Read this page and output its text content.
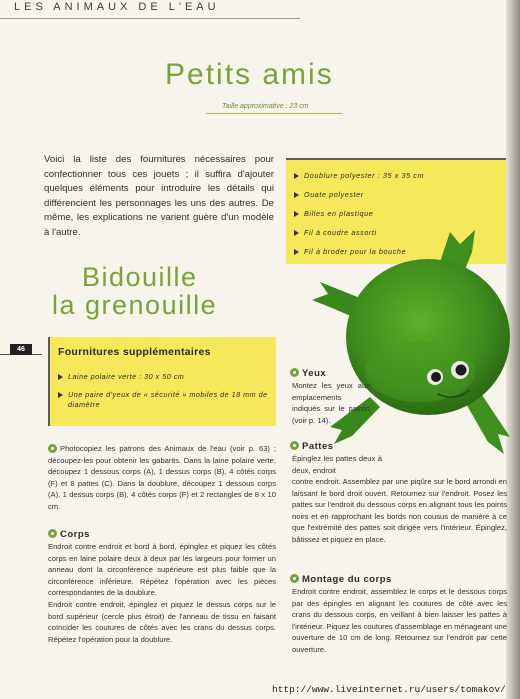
LES ANIMAUX DE L'EAU
Petits amis
Taille approximative : 23 cm
Voici la liste des fournitures nécessaires pour confectionner tous ces jouets ; il suffira d'ajouter quelques éléments pour introduire les détails qui différencient les personnages les uns des autres. De même, les explications ne varient guère d'un modèle à l'autre.
Doublure polyester : 35 x 35 cm
Ouate polyester
Billes en plastique
Fil à coudre assorti
Fil à broder pour la bouche
Bidouille
la grenouille
46	Fournitures supplémentaires
Laine polaire verte : 30 x 50 cm
Une paire d'yeux de « sécurité » mobiles de 18 mm de diamètre
Yeux
Montez les yeux aux emplacements indiqués sur le patron (voir p. 14).
Pattes
Épinglez les pattes deux à deux, endroit
contre endroit. Assemblez par une piqûre sur le bord arrondi en laissant le bord droit ouvert. Retournez sur l'endroit. Posez les pattes sur l'endroit du dessous corps en alignant tous les points noirs et en rapprochant les bords non cousus de manière à ce que l'extrémité des pattes soit dirigée vers l'intérieur. Épinglez, bâtissez et piquez en place.
Montage du corps
Endroit contre endroit, assemblez le corps et le dessous corps par des épingles en alignant les coutures de côté avec les crans du dessous corps, en veillant à bien laisser les pattes à l'intérieur. Piquez les coutures d'assemblage en ménageant une ouverture de 10 cm de long. Retournez sur l'endroit par cette ouverture.
Photocopiez les patrons des Animaux de l'eau (voir p. 63) ; découpez-les pour obtenir les gabarits. Dans la laine polaire verte, découpez 1 dessous corps (A), 1 dessus corps (B), 4 côtés corps (F) et 8 pattes (C). Dans la doublure, découpez 1 dessous corps (A), 1 dessus corps (B), 4 côtés corps (F) et 2 rectangles de 8 x 10 cm.
Corps
Endroit contre endroit et bord à bord, épinglez et piquez les côtés corps en laine polaire deux à deux par les largeurs pour former un anneau dont la circonférence supérieure est plus faible que la circonférence inférieure. Répétez l'opération avec les pièces correspondantes de la doublure.
Endroit contre endroit, épinglez et piquez le dessus corps sur le bord supérieur (cercle plus étroit) de l'anneau de tissu en faisant coïncider les coutures de côtés avec les crans du dessus corps. Répétez l'opération pour la doublure.
http://www.liveinternet.ru/users/tomakov/
